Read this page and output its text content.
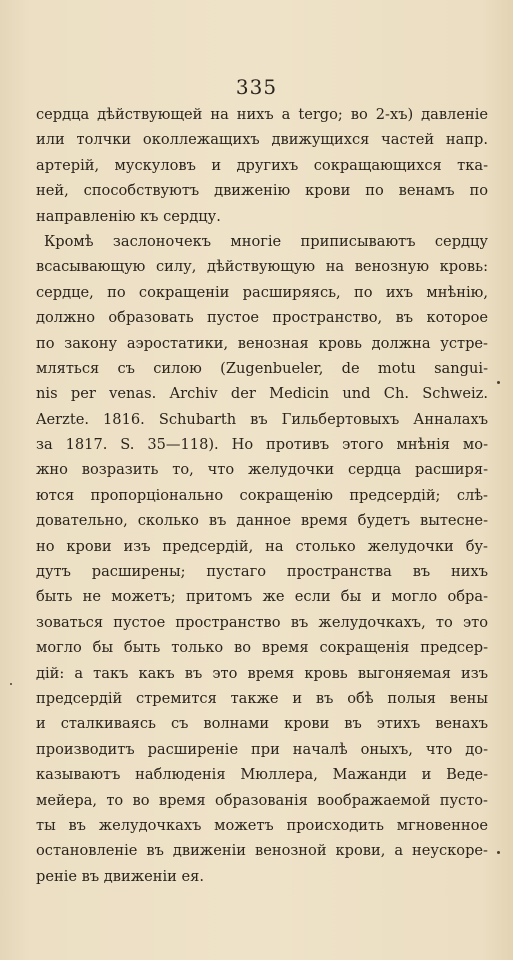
335
сердца дѣйствующей на нихъ a tergo; во 2-хъ) давленіе
или толчки околлежащихъ движущихся частей напр.
артерій, мускуловъ и другихъ сокращающихся тка-
ней, способствуютъ движенію крови по венамъ по
направленію къ сердцу.
Кромѣ заслоночекъ многіе приписываютъ сердцу
всасывающую силу, дѣйствующую на венозную кровь:
сердце, по сокращеніи расширяясь, по ихъ мнѣнію,
должно образовать пустое пространство, въ которое
по закону аэростатики, венозная кровь должна устре-
мляться съ силою (Zugenbueler, de motu sangui-
nis per venas. Archiv der Medicin und Ch. Schweiz.
Aerzte. 1816. Schubarth въ Гильбертовыхъ Анналахъ
за 1817. S. 35—118). Но противъ этого мнѣнія мо-
жно возразить то, что желудочки сердца расширя-
ются пропорціонально сокращенію предсердій; слѣ-
довательно, сколько въ данное время будетъ вытесне-
но крови изъ предсердій, на столько желудочки бу-
дутъ расширены; пустаго пространства въ нихъ
быть не можетъ; притомъ же если бы и могло обра-
зоваться пустое пространство въ желудочкахъ, то это
могло бы быть только во время сокращенія предсер-
дій: а такъ какъ въ это время кровь выгоняемая изъ
предсердій стремится также и въ обѣ полыя вены
и сталкиваясь съ волнами крови въ этихъ венахъ
производитъ расширеніе при началѣ оныхъ, что до-
казываютъ наблюденія Мюллера, Мажанди и Веде-
мейера, то во время образованія воображаемой пусто-
ты въ желудочкахъ можетъ происходить мгновенное
остановленіе въ движеніи венозной крови, а неускоре-
реніе въ движеніи ея.
